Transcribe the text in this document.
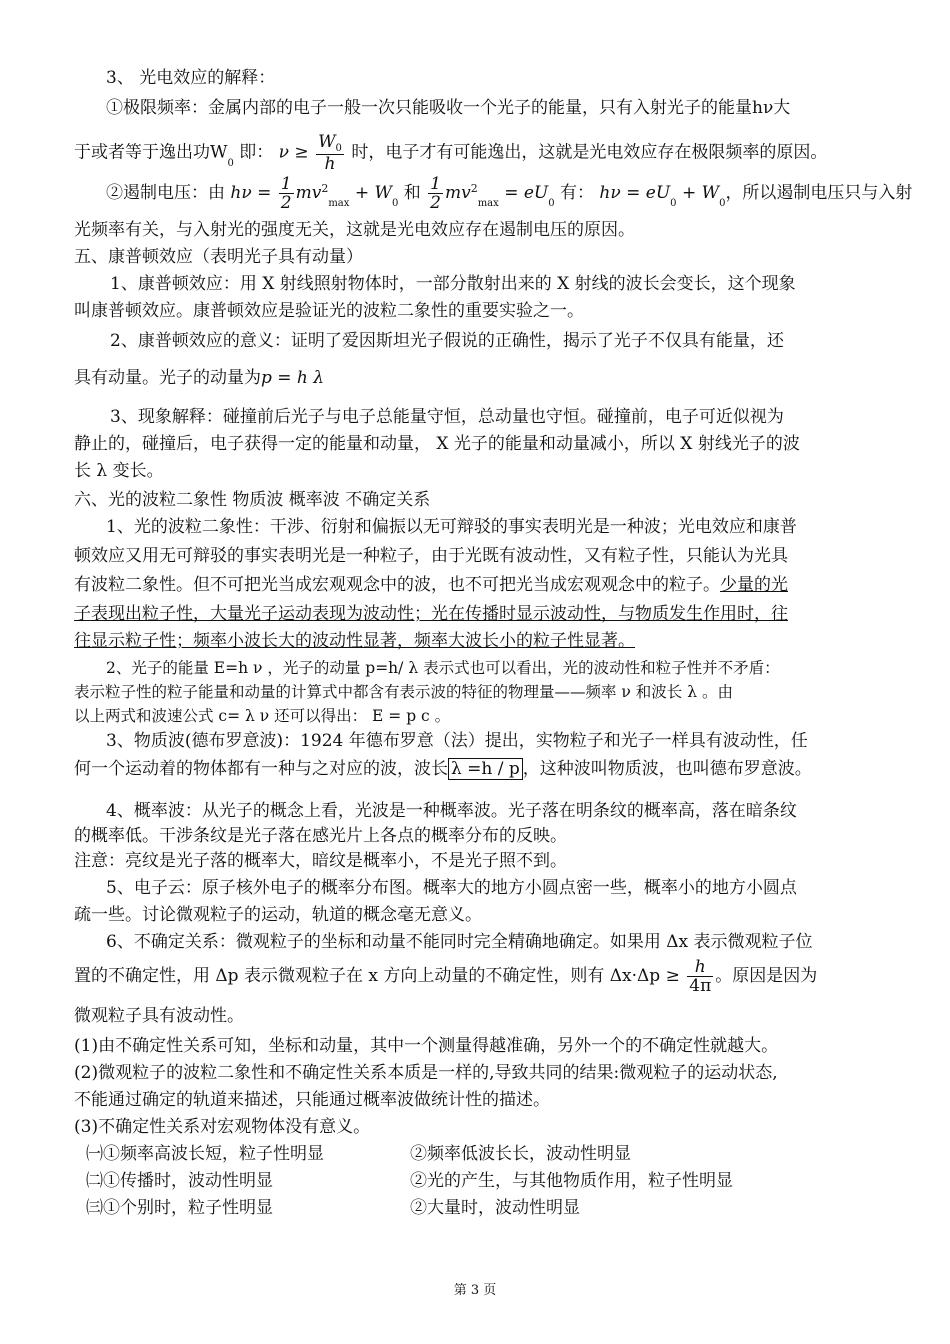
3、 光电效应的解释：
①极限频率：金属内部的电子一般一次只能吸收一个光子的能量，只有入射光子的能量hν大
于或者等于逸出功$W_0$ 即： $\nu \ge \frac{W_0}{h}$ 时，电子才有可能逸出，这就是光电效应存在极限频率的原因。
②遏制电压：由 $h\nu = \frac{1}{2} mv^2_{max} + W_0$ 和 $\frac{1}{2} mv^2_{max} = eU_0$ 有： $h\nu = eU_0 + W_0$，所以遏制电压只与入射
光频率有关，与入射光的强度无关，这就是光电效应存在遏制电压的原因。
五、康普顿效应（表明光子具有动量）
1、康普顿效应：用 X 射线照射物体时，一部分散射出来的 X 射线的波长会变长，这个现象
叫康普顿效应。康普顿效应是验证光的波粒二象性的重要实验之一。
2、康普顿效应的意义：证明了爱因斯坦光子假说的正确性，揭示了光子不仅具有能量，还
具有动量。光子的动量为p = h λ
3、现象解释：碰撞前后光子与电子总能量守恒，总动量也守恒。碰撞前，电子可近似视为
静止的，碰撞后，电子获得一定的能量和动量， X 光子的能量和动量减小，所以 X 射线光子的波
长 λ 变长。
六、光的波粒二象性 物质波 概率波 不确定关系
1、光的波粒二象性：干涉、衍射和偏振以无可辩驳的事实表明光是一种波；光电效应和康普
顿效应又用无可辩驳的事实表明光是一种粒子，由于光既有波动性，又有粒子性，只能认为光具
有波粒二象性。但不可把光当成宏观观念中的波，也不可把光当成宏观观念中的粒子。少量的光
子表现出粒子性，大量光子运动表现为波动性；光在传播时显示波动性，与物质发生作用时，往
往显示粒子性；频率小波长大的波动性显著，频率大波长小的粒子性显著。
2、光子的能量 E=h ν ，光子的动量 p=h/ λ 表示式也可以看出，光的波动性和粒子性并不矛盾：
表示粒子性的粒子能量和动量的计算式中都含有表示波的特征的物理量——频率 ν 和波长 λ 。由
以上两式和波速公式 c= λ ν 还可以得出： E = p c 。
3、物质波(德布罗意波)：1924 年德布罗意（法）提出，实物粒子和光子一样具有波动性，任
何一个运动着的物体都有一种与之对应的波，波长 λ =h / p ，这种波叫物质波，也叫德布罗意波。
4、概率波：从光子的概念上看，光波是一种概率波。光子落在明条纹的概率高，落在暗条纹
的概率低。干涉条纹是光子落在感光片上各点的概率分布的反映。
注意：亮纹是光子落的概率大，暗纹是概率小，不是光子照不到。
5、电子云：原子核外电子的概率分布图。概率大的地方小圆点密一些，概率小的地方小圆点
疏一些。讨论微观粒子的运动，轨道的概念毫无意义。
6、不确定关系：微观粒子的坐标和动量不能同时完全精确地确定。如果用 Δx 表示微观粒子位
置的不确定性，用 Δp 表示微观粒子在 x 方向上动量的不确定性，则有 $\Delta x\cdot\Delta p \ge \frac{h}{4\pi}$ 。原因是因为
微观粒子具有波动性。
(1)由不确定性关系可知，坐标和动量，其中一个测量得越准确，另外一个的不确定性就越大。
(2)微观粒子的波粒二象性和不确定性关系本质是一样的,导致共同的结果:微观粒子的运动状态,
不能通过确定的轨道来描述，只能通过概率波做统计性的描述。
(3)不确定性关系对宏观物体没有意义。
㈠①频率高波长短，粒子性明显	②频率低波长长，波动性明显
㈡①传播时，波动性明显	②光的产生，与其他物质作用，粒子性明显
㈢①个别时，粒子性明显	②大量时，波动性明显
第 3 页
